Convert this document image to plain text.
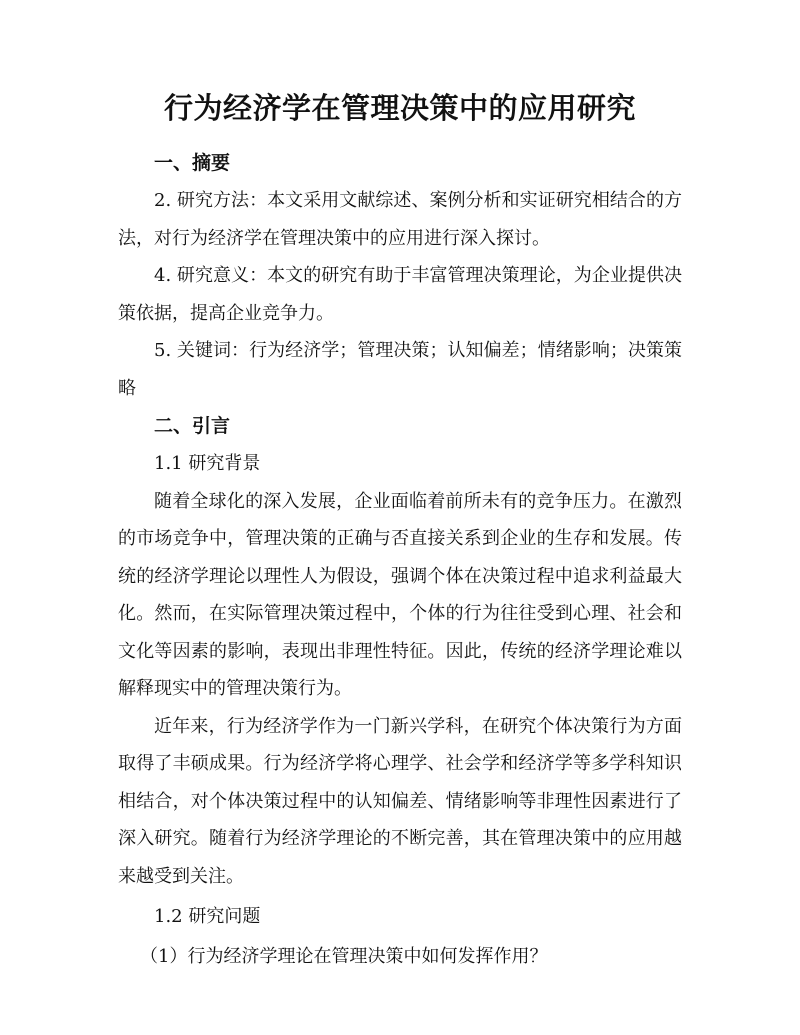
行为经济学在管理决策中的应用研究
一、摘要

2. 研究方法：本文采用文献综述、案例分析和实证研究相结合的方法，对行为经济学在管理决策中的应用进行深入探讨。

4. 研究意义：本文的研究有助于丰富管理决策理论，为企业提供决策依据，提高企业竞争力。

5. 关键词：行为经济学；管理决策；认知偏差；情绪影响；决策策略

二、引言
1.1 研究背景

随着全球化的深入发展，企业面临着前所未有的竞争压力。在激烈的市场竞争中，管理决策的正确与否直接关系到企业的生存和发展。传统的经济学理论以理性人为假设，强调个体在决策过程中追求利益最大化。然而，在实际管理决策过程中，个体的行为往往受到心理、社会和文化等因素的影响，表现出非理性特征。因此，传统的经济学理论难以解释现实中的管理决策行为。

近年来，行为经济学作为一门新兴学科，在研究个体决策行为方面取得了丰硕成果。行为经济学将心理学、社会学和经济学等多学科知识相结合，对个体决策过程中的认知偏差、情绪影响等非理性因素进行了深入研究。随着行为经济学理论的不断完善，其在管理决策中的应用越来越受到关注。

1.2 研究问题
（1）行为经济学理论在管理决策中如何发挥作用？
